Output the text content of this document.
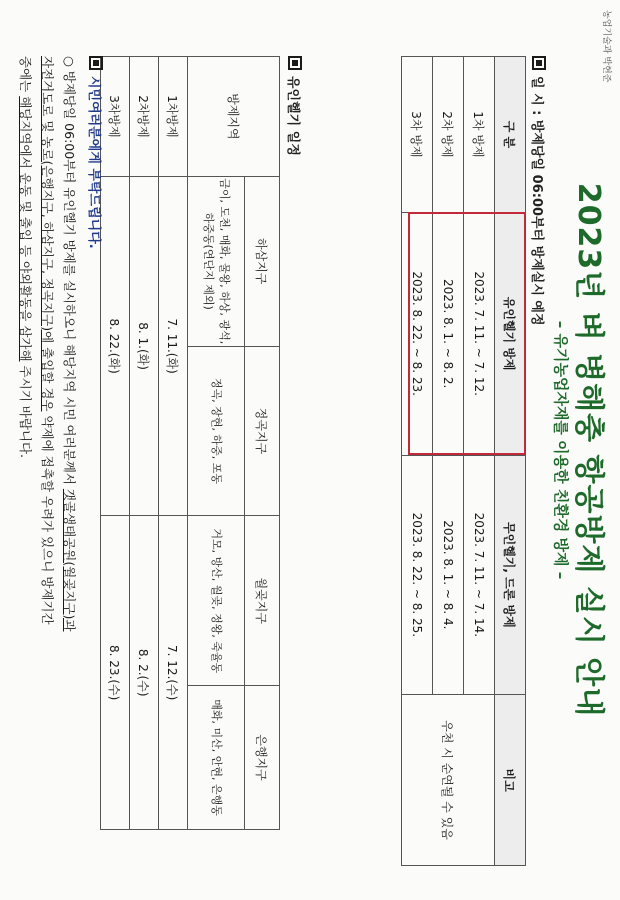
농업기술과 박현준
2023년 벼 병해충 항공방제 실시 안내
– 유기농업자재를 이용한 친환경 방제 –
일 시 : 방제당일 06:00부터 방제실시 예정
구 분	유인헬기 방제	무인헬기, 드론 방제	비고
1차 방제	2023. 7. 11. ~ 7. 12.	2023. 7. 11. ~ 7. 14.	우천 시 순연될 수 있음
2차 방제	2023. 8. 1. ~ 8. 2.	2023. 8. 1. ~ 8. 4.	
3차 방제	2023. 8. 22. ~ 8. 23.	2023. 8. 22. ~ 8. 25.	
유인헬기 일정
방제지역	하삼지구	정곡지구	월곶지구	은행지구
	금이, 도천, 매화, 물왕, 하상, 광석, 하중동(연단지 제외)	정곡, 장현, 하중, 포동	거모, 방산, 월곶, 정왕, 죽율동	매화, 미산, 안현, 은행동
1차방제	7. 11.(화)		7. 12.(수)	
2차방제	8. 1.(화)		8. 2.(수)	
3차방제	8. 22.(화)		8. 23.(수)	
시민여러분에게 부탁드립니다.
○ 방제당일 06:00부터 유인헬기 방제를 실시하오니 해당지역 시민 여러분께서 갯골생태공원(월곶지구)과
자전거도로 및 농로(은행지구, 하삼지구, 정곡지구)에 출입할 경우 약제에 접촉할 우려가 있으니 방제기간
중에는 해당지역에서 운동 및 출입 등 야외활동을 삼가해 주시기 바랍니다.
